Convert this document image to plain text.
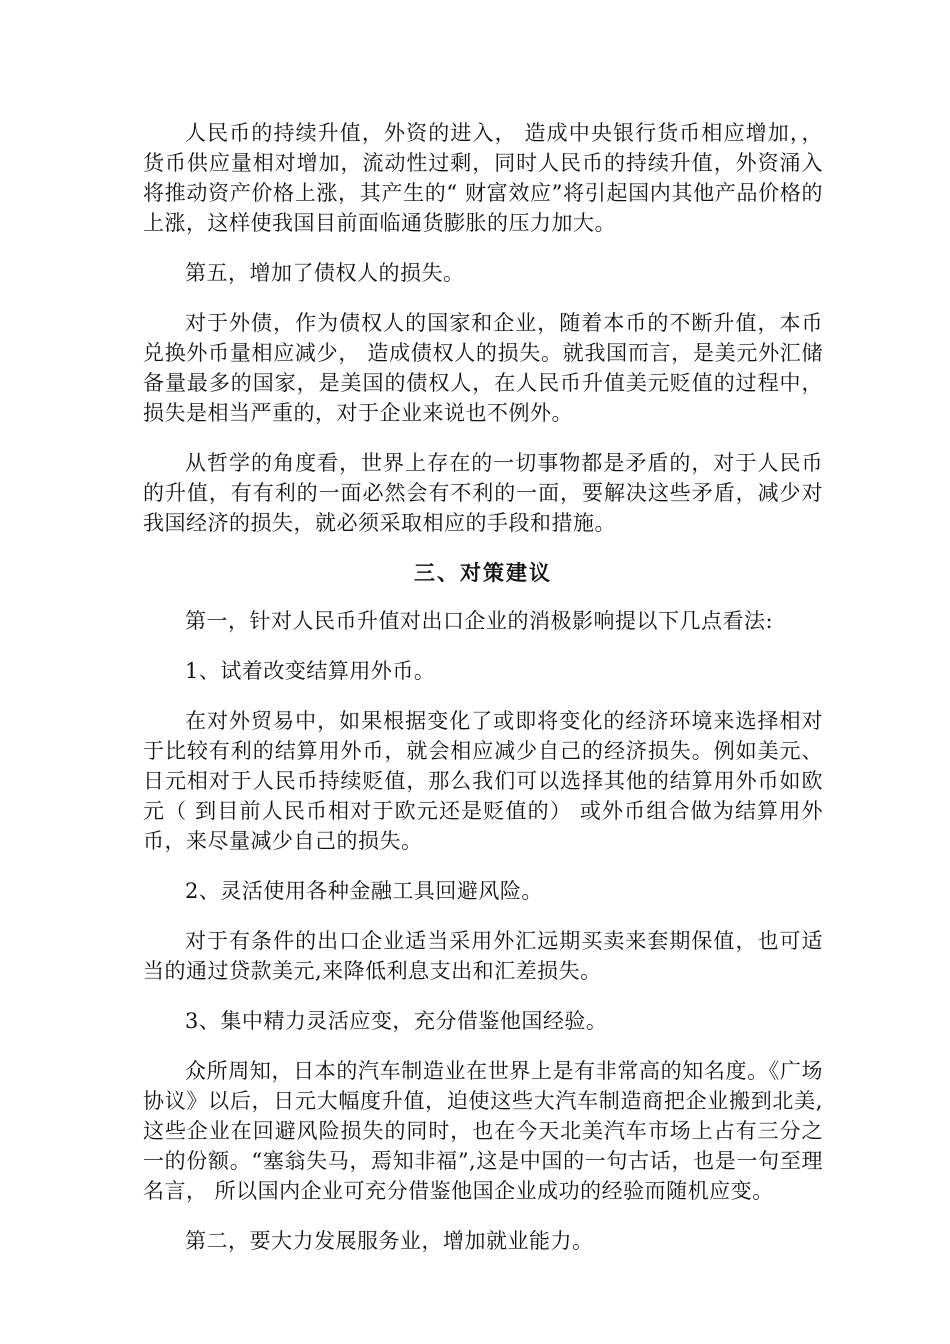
人民币的持续升值，外资的进入， 造成中央银行货币相应增加，，货币供应量相对增加，流动性过剩，同时人民币的持续升值，外资涌入将推动资产价格上涨，其产生的“ 财富效应”将引起国内其他产品价格的上涨，这样使我国目前面临通货膨胀的压力加大。

第五，增加了债权人的损失。

对于外债，作为债权人的国家和企业，随着本币的不断升值，本币兑换外币量相应减少， 造成债权人的损失。就我国而言，是美元外汇储备量最多的国家，是美国的债权人，在人民币升值美元贬值的过程中， 损失是相当严重的，对于企业来说也不例外。

从哲学的角度看，世界上存在的一切事物都是矛盾的，对于人民币的升值，有有利的一面必然会有不利的一面，要解决这些矛盾，减少对我国经济的损失，就必须采取相应的手段和措施。

三、对策建议

第一，针对人民币升值对出口企业的消极影响提以下几点看法:

1、试着改变结算用外币。

在对外贸易中，如果根据变化了或即将变化的经济环境来选择相对于比较有利的结算用外币，就会相应减少自己的经济损失。例如美元、日元相对于人民币持续贬值，那么我们可以选择其他的结算用外币如欧元（ 到目前人民币相对于欧元还是贬值的） 或外币组合做为结算用外币，来尽量减少自己的损失。

2、灵活使用各种金融工具回避风险。

对于有条件的出口企业适当采用外汇远期买卖来套期保值，也可适当的通过贷款美元,来降低利息支出和汇差损失。

3、集中精力灵活应变，充分借鉴他国经验。

众所周知，日本的汽车制造业在世界上是有非常高的知名度。《广场协议》以后，日元大幅度升值，迫使这些大汽车制造商把企业搬到北美,这些企业在回避风险损失的同时，也在今天北美汽车市场上占有三分之一的份额。“塞翁失马，焉知非福”,这是中国的一句古话，也是一句至理名言， 所以国内企业可充分借鉴他国企业成功的经验而随机应变。

第二，要大力发展服务业，增加就业能力。
